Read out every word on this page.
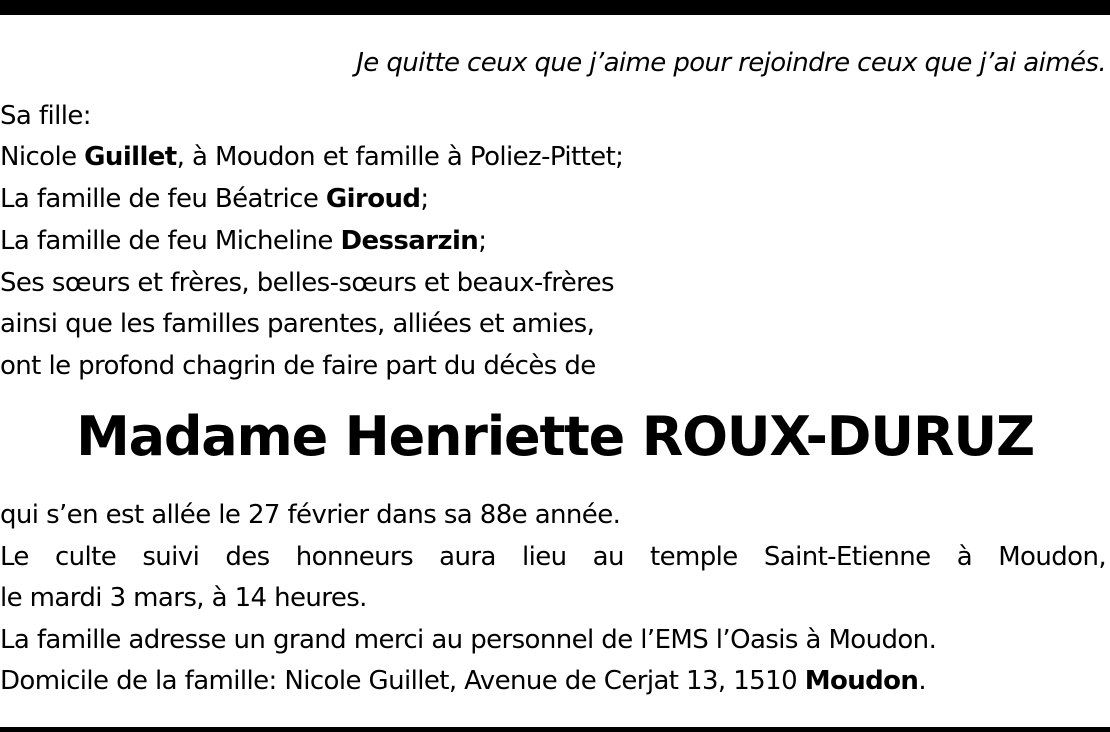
Je quitte ceux que j’aime pour rejoindre ceux que j’ai aimés.
Sa fille:
Nicole Guillet, à Moudon et famille à Poliez-Pittet;
La famille de feu Béatrice Giroud;
La famille de feu Micheline Dessarzin;
Ses sœurs et frères, belles-sœurs et beaux-frères
ainsi que les familles parentes, alliées et amies,
ont le profond chagrin de faire part du décès de
Madame Henriette ROUX-DURUZ
qui s’en est allée le 27 février dans sa 88e année.
Le culte suivi des honneurs aura lieu au temple Saint-Etienne à Moudon,
le mardi 3 mars, à 14 heures.
La famille adresse un grand merci au personnel de l’EMS l’Oasis à Moudon.
Domicile de la famille: Nicole Guillet, Avenue de Cerjat 13, 1510 Moudon.
